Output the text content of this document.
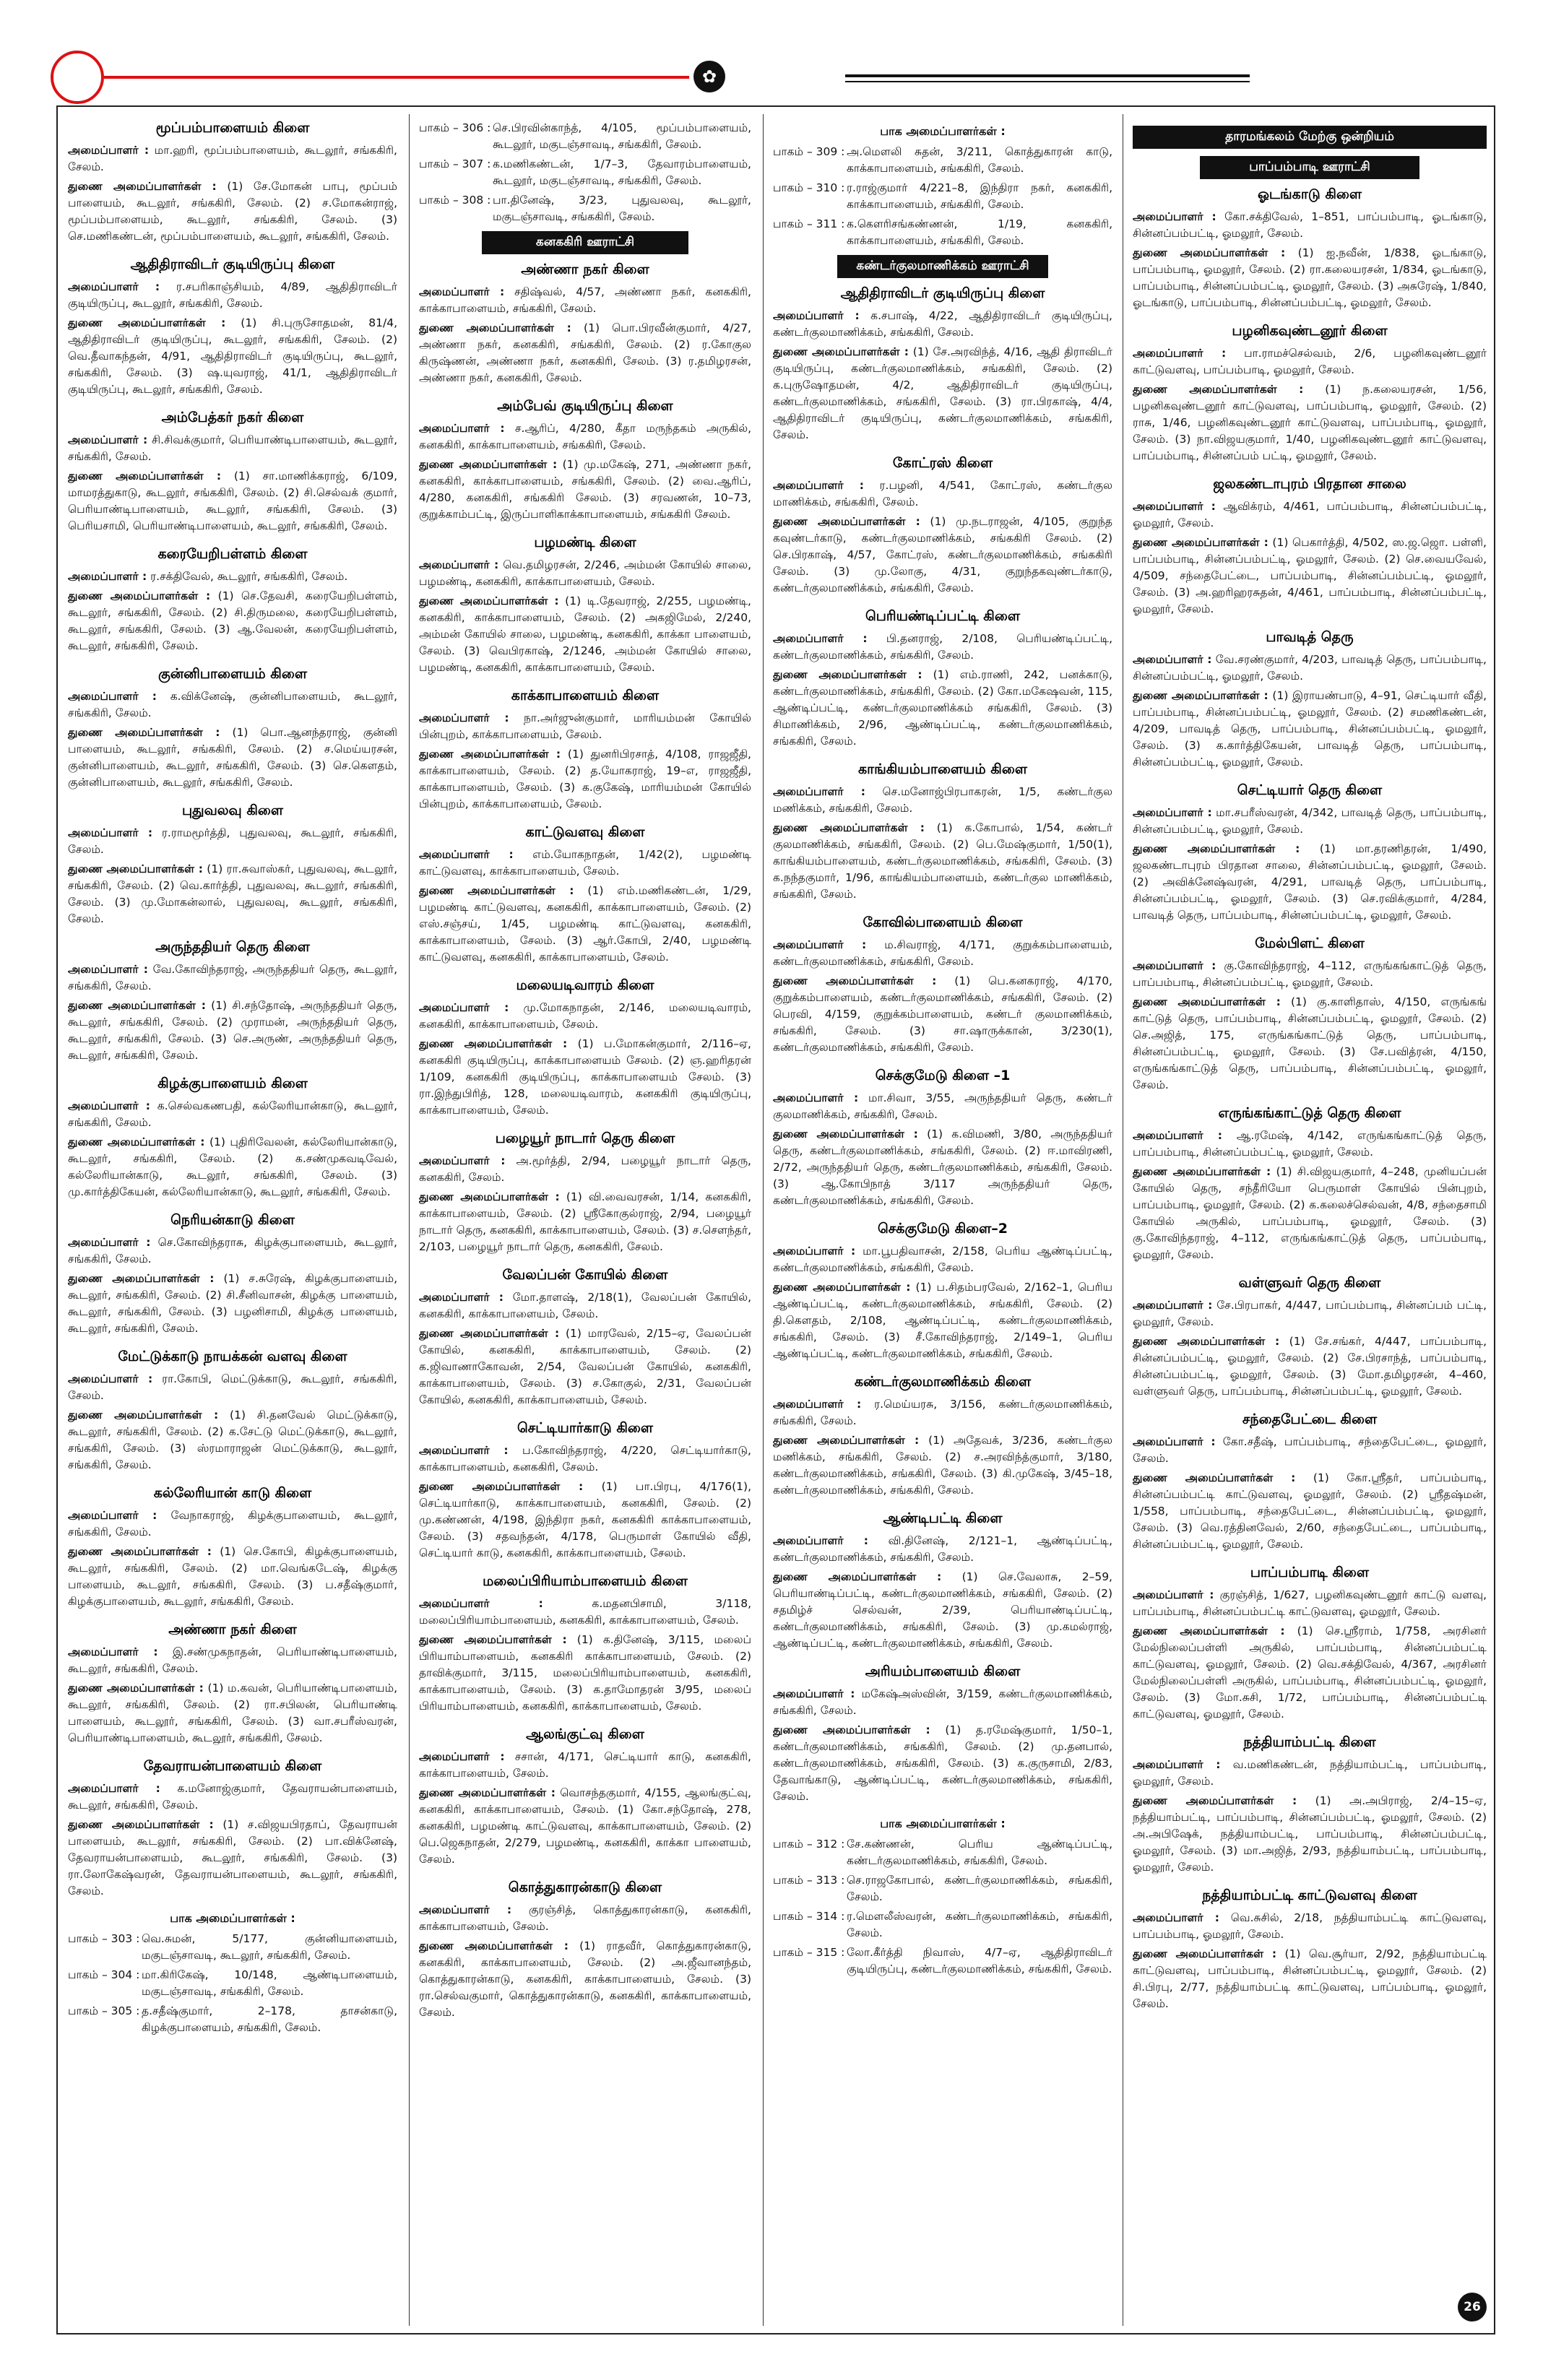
✿
மூப்பம்பாளையம் கிளை

அமைப்பாளர் : மா.ஹரி, மூப்பம்பாளையம், கூடலூர், சங்ககிரி, சேலம்.

துணை அமைப்பாளர்கள் : (1) சே.மோகன் பாபு, மூப்பம் பாளையம், கூடலூர், சங்ககிரி, சேலம். (2) ச.மோகன்ராஜ், மூப்பம்பாளையம், கூடலூர், சங்ககிரி, சேலம். (3) செ.மணிகண்டன், மூப்பம்பாளையம், கூடலூர், சங்ககிரி, சேலம்.

ஆதிதிராவிடர் குடியிருப்பு கிளை

அமைப்பாளர் : ர.சபரிகாஞ்சியம், 4/89, ஆதிதிராவிடர் குடியிருப்பு, கூடலூர், சங்ககிரி, சேலம்.

துணை அமைப்பாளர்கள் : (1) சி.புருசோதமன், 81/4, ஆதிதிராவிடர் குடியிருப்பு, கூடலூர், சங்ககிரி, சேலம். (2) வெ.தீவாகந்தன், 4/91, ஆதிதிராவிடர் குடியிருப்பு, கூடலூர், சங்ககிரி, சேலம். (3) ஷ.யுவராஜ், 41/1, ஆதிதிராவிடர் குடியிருப்பு, கூடலூர், சங்ககிரி, சேலம்.

அம்பேத்கர் நகர் கிளை

அமைப்பாளர் : சி.சிவக்குமார், பெரியாண்டிபாளையம், கூடலூர், சங்ககிரி, சேலம்.

துணை அமைப்பாளர்கள் : (1) சா.மாணிக்கராஜ், 6/109, மாமரத்துகாடு, கூடலூர், சங்ககிரி, சேலம். (2) சி.செல்வக் குமார், பெரியாண்டிபாளையம், கூடலூர், சங்ககிரி, சேலம். (3) பெரியசாமி, பெரியாண்டிபாளையம், கூடலூர், சங்ககிரி, சேலம்.

கரையேறிபள்ளம் கிளை

அமைப்பாளர் : ர.சக்திவேல், கூடலூர், சங்ககிரி, சேலம்.

துணை அமைப்பாளர்கள் : (1) செ.தேவசி, கரையேறிபள்ளம், கூடலூர், சங்ககிரி, சேலம். (2) சி.திருமலை, கரையேறிபள்ளம், கூடலூர், சங்ககிரி, சேலம். (3) ஆ.வேலன், கரையேறிபள்ளம், கூடலூர், சங்ககிரி, சேலம்.

குன்னிபாளையம் கிளை

அமைப்பாளர் : க.விக்னேஷ், குன்னிபாளையம், கூடலூர், சங்ககிரி, சேலம்.

துணை அமைப்பாளர்கள் : (1) பொ.ஆனந்தராஜ், குன்னி பாளையம், கூடலூர், சங்ககிரி, சேலம். (2) ச.மெய்யரசன், குன்னிபாளையம், கூடலூர், சங்ககிரி, சேலம். (3) செ.கௌதம், குன்னிபாளையம், கூடலூர், சங்ககிரி, சேலம்.

புதுவலவு கிளை

அமைப்பாளர் : ர.ராமமூர்த்தி, புதுவலவு, கூடலூர், சங்ககிரி, சேலம்.

துணை அமைப்பாளர்கள் : (1) ரா.சுவாஸ்கர், புதுவலவு, கூடலூர், சங்ககிரி, சேலம். (2) வெ.கார்த்தி, புதுவலவு, கூடலூர், சங்ககிரி, சேலம். (3) மு.மோகன்லால், புதுவலவு, கூடலூர், சங்ககிரி, சேலம்.

அருந்ததியர் தெரு கிளை

அமைப்பாளர் : வே.கோவிந்தராஜ், அருந்ததியர் தெரு, கூடலூர், சங்ககிரி, சேலம்.

துணை அமைப்பாளர்கள் : (1) சி.சந்தோஷ், அருந்ததியர் தெரு, கூடலூர், சங்ககிரி, சேலம். (2) முராமன், அருந்ததியர் தெரு, கூடலூர், சங்ககிரி, சேலம். (3) செ.அருண், அருந்ததியர் தெரு, கூடலூர், சங்ககிரி, சேலம்.

கிழக்குபாளையம் கிளை

அமைப்பாளர் : க.செல்வகணபதி, கல்லேரியான்காடு, கூடலூர், சங்ககிரி, சேலம்.

துணை அமைப்பாளர்கள் : (1) புதிரிவேலன், கல்லேரியான்காடு, கூடலூர், சங்ககிரி, சேலம். (2) க.சண்முகவடிவேல், கல்லேரியான்காடு, கூடலூர், சங்ககிரி, சேலம். (3) மு.கார்த்திகேயன், கல்லேரியான்காடு, கூடலூர், சங்ககிரி, சேலம்.

நெரியன்காடு கிளை

அமைப்பாளர் : செ.கோவிந்தராசு, கிழக்குபாளையம், கூடலூர், சங்ககிரி, சேலம்.

துணை அமைப்பாளர்கள் : (1) ச.சுரேஷ், கிழக்குபாளையம், கூடலூர், சங்ககிரி, சேலம். (2) சி.சீனிவாசன், கிழக்கு பாளையம், கூடலூர், சங்ககிரி, சேலம். (3) பழனிசாமி, கிழக்கு பாளையம், கூடலூர், சங்ககிரி, சேலம்.

மேட்டுக்காடு நாயக்கன் வளவு கிளை

அமைப்பாளர் : ரா.கோபி, மெட்டுக்காடு, கூடலூர், சங்ககிரி, சேலம்.

துணை அமைப்பாளர்கள் : (1) சி.தனவேல் மெட்டுக்காடு, கூடலூர், சங்ககிரி, சேலம். (2) க.சேட்டு மெட்டுக்காடு, கூடலூர், சங்ககிரி, சேலம். (3) ஸ்ரமாராஜன் மெட்டுக்காடு, கூடலூர், சங்ககிரி, சேலம்.

கல்லேரியான் காடு கிளை

அமைப்பாளர் : வேநாகராஜ், கிழக்குபாளையம், கூடலூர், சங்ககிரி, சேலம்.

துணை அமைப்பாளர்கள் : (1) செ.கோபி, கிழக்குபாளையம், கூடலூர், சங்ககிரி, சேலம். (2) மா.வெங்கடேஷ், கிழக்கு பாளையம், கூடலூர், சங்ககிரி, சேலம். (3) ப.சதீஷ்குமார், கிழக்குபாளையம், கூடலூர், சங்ககிரி, சேலம்.

அண்ணா நகர் கிளை

அமைப்பாளர் : இ.சண்முகநாதன், பெரியாண்டிபாளையம், கூடலூர், சங்ககிரி, சேலம்.

துணை அமைப்பாளர்கள் : (1) ம.கவன், பெரியாண்டிபாளையம், கூடலூர், சங்ககிரி, சேலம். (2) ரா.சபிலன், பெரியாண்டி பாளையம், கூடலூர், சங்ககிரி, சேலம். (3) வா.சபரீஸ்வரன், பெரியாண்டிபாளையம், கூடலூர், சங்ககிரி, சேலம்.

தேவராயன்பாளையம் கிளை

அமைப்பாளர் : க.மனோஜ்குமார், தேவராயன்பாளையம், கூடலூர், சங்ககிரி, சேலம்.

துணை அமைப்பாளர்கள் : (1) ச.விஜயபிரதாப், தேவராயன் பாளையம், கூடலூர், சங்ககிரி, சேலம். (2) பா.விக்னேஷ், தேவராயன்பாளையம், கூடலூர், சங்ககிரி, சேலம். (3) ரா.லோகேஷ்வரன், தேவராயன்பாளையம், கூடலூர், சங்ககிரி, சேலம்.

பாக அமைப்பாளர்கள் :
பாகம் – 303 : வெ.சுமன், 5/177, குன்னியாளையம், மகுடஞ்சாவடி, கூடலூர், சங்ககிரி, சேலம்.
பாகம் – 304 : மா.கிரிகேஷ், 10/148, ஆண்டிபாளையம், மகுடஞ்சாவடி, சங்ககிரி, சேலம்.
பாகம் – 305 : த.சதீஷ்குமார், 2–178, தாசன்காடு, கிழக்குபாளையம், சங்ககிரி, சேலம்.
பாகம் – 306 : செ.பிரவின்காந்த், 4/105, மூப்பம்பாளையம், கூடலூர், மகுடஞ்சாவடி, சங்ககிரி, சேலம்.
பாகம் – 307 : க.மணிகண்டன், 1/7–3, தேவாரம்பாளையம், கூடலூர், மகுடஞ்சாவடி, சங்ககிரி, சேலம்.
பாகம் – 308 : பா.தினேஷ், 3/23, புதுவலவு, கூடலூர், மகுடஞ்சாவடி, சங்ககிரி, சேலம்.
கனககிரி ஊராட்சி
அண்ணா நகர் கிளை

அமைப்பாளர் : சதிஷ்வல், 4/57, அண்ணா நகர், கனககிரி, காக்காபாளையம், சங்ககிரி, சேலம்.

துணை அமைப்பாளர்கள் : (1) பொ.பிரவீன்குமார், 4/27, அண்ணா நகர், கனககிரி, சங்ககிரி, சேலம். (2) ர.கோகுல கிருஷ்ணன், அண்ணா நகர், கனககிரி, சேலம். (3) ர.தமிழரசன், அண்ணா நகர், கனககிரி, சேலம்.

அம்பேவ் குடியிருப்பு கிளை

அமைப்பாளர் : ச.ஆரிப், 4/280, கீதா மருந்தகம் அருகில், கனககிரி, காக்காபாளையம், சங்ககிரி, சேலம்.

துணை அமைப்பாளர்கள் : (1) மு.மகேஷ், 271, அண்ணா நகர், கனககிரி, காக்காபாளையம், சங்ககிரி, சேலம். (2) வை.ஆரிப், 4/280, கனககிரி, சங்ககிரி சேலம். (3) சரவணன், 10–73, குறுக்காம்பட்டி, இருப்பாளிகாக்காபாளையம், சங்ககிரி சேலம்.

பழமண்டி கிளை

அமைப்பாளர் : வெ.தமிழரசன், 2/246, அம்மன் கோயில் சாலை, பழமண்டி, கனககிரி, காக்காபாளையம், சேலம்.

துணை அமைப்பாளர்கள் : (1) டி.தேவராஜ், 2/255, பழமண்டி, கனககிரி, காக்காபாளையம், சேலம். (2) அகஜிமேல், 2/240, அம்மன் கோயில் சாலை, பழமண்டி, கனககிரி, காக்கா பாளையம், சேலம். (3) வெபிரகாஷ், 2/1246, அம்மன் கோயில் சாலை, பழமண்டி, கனககிரி, காக்காபாளையம், சேலம்.

காக்காபாளையம் கிளை

அமைப்பாளர் : நா.அர்ஜுன்குமார், மாரியம்மன் கோயில் பின்புறம், காக்காபாளையம், சேலம்.

துணை அமைப்பாளர்கள் : (1) துனரிபிரசாத், 4/108, ராஜஜீதி, காக்காபாளையம், சேலம். (2) த.யோகராஜ், 19–எ, ராஜஜீதி, காக்காபாளையம், சேலம். (3) க.குகேஷ், மாரியம்மன் கோயில் பின்புறம், காக்காபாளையம், சேலம்.

காட்டுவளவு கிளை

அமைப்பாளர் : எம்.யோகநாதன், 1/42(2), பழமண்டி காட்டுவளவு, காக்காபாளையம், சேலம்.

துணை அமைப்பாளர்கள் : (1) எம்.மணிகண்டன், 1/29, பழமண்டி காட்டுவளவு, கனககிரி, காக்காபாளையம், சேலம். (2) எஸ்.சஞ்சய், 1/45, பழமண்டி காட்டுவளவு, கனககிரி, காக்காபாளையம், சேலம். (3) ஆர்.கோபி, 2/40, பழமண்டி காட்டுவளவு, கனககிரி, காக்காபாளையம், சேலம்.

மலையடிவாரம் கிளை

அமைப்பாளர் : மு.மோகநாதன், 2/146, மலையடிவாரம், கனககிரி, காக்காபாளையம், சேலம்.

துணை அமைப்பாளர்கள் : (1) ப.மோகன்குமார், 2/116–ஏ, கனககிரி குடியிருப்பு, காக்காபாளையம் சேலம். (2) ஞ.ஹரிதரன் 1/109, கனககிரி குடியிருப்பு, காக்காபாளையம் சேலம். (3) ரா.இந்துபிரித், 128, மலையடிவாரம், கனககிரி குடியிருப்பு, காக்காபாளையம், சேலம்.

பழையூர் நாடார் தெரு கிளை

அமைப்பாளர் : அ.மூர்த்தி, 2/94, பழையூர் நாடார் தெரு, கனககிரி, சேலம்.

துணை அமைப்பாளர்கள் : (1) வி.வைவரசன், 1/14, கனககிரி, காக்காபாளையம், சேலம். (2) ஸ்ரீகோகுல்ராஜ், 2/94, பழையூர் நாடார் தெரு, கனககிரி, காக்காபாளையம், சேலம். (3) ச.சௌந்தர், 2/103, பழையூர் நாடார் தெரு, கனககிரி, சேலம்.

வேலப்பன் கோயில் கிளை

அமைப்பாளர் : மோ.தாளஷ், 2/18(1), வேலப்பன் கோயில், கனககிரி, காக்காபாளையம், சேலம்.

துணை அமைப்பாளர்கள் : (1) மாரவேல், 2/15–ஏ, வேலப்பன் கோயில், கனககிரி, காக்காபாளையம், சேலம். (2) க.ஜிவாணாகோவன், 2/54, வேலப்பன் கோயில், கனககிரி, காக்காபாளையம், சேலம். (3) ச.கோகுல், 2/31, வேலப்பன் கோயில், கனககிரி, காக்காபாளையம், சேலம்.

செட்டியார்காடு கிளை

அமைப்பாளர் : ப.கோவிந்தராஜ், 4/220, செட்டியார்காடு, காக்காபாளையம், கனககிரி, சேலம்.

துணை அமைப்பாளர்கள் : (1) பா.பிரபு, 4/176(1), செட்டியார்காடு, காக்காபாளையம், கனககிரி, சேலம். (2) மு.கண்ணன், 4/198, இந்திரா நகர், கனககிரி காக்காபாளையம், சேலம். (3) சதவந்தன், 4/178, பெருமாள் கோயில் வீதி, செட்டியார் காடு, கனககிரி, காக்காபாளையம், சேலம்.

மலைப்பிரியாம்பாளையம் கிளை

அமைப்பாளர் :	க.மதனபிசாமி, 3/118, மலைப்பிரியாம்பாளையம், கனககிரி, காக்காபாளையம், சேலம்.

துணை அமைப்பாளர்கள் : (1) க.தினேஷ், 3/115, மலைப் பிரியாம்பாளையம், கனககிரி காக்காபாளையம், சேலம். (2) தாவிக்குமார், 3/115, மலைப்பிரியாம்பாளையம், கனககிரி, காக்காபாளையம், சேலம். (3) க.தாமோதரன் 3/95, மலைப் பிரியாம்பாளையம், கனககிரி, காக்காபாளையம், சேலம்.

ஆலங்குட்வு கிளை

அமைப்பாளர் : சசான், 4/171, செட்டியார் காடு, கனககிரி, காக்காபாளையம், சேலம்.

துணை அமைப்பாளர்கள் : வொசந்தகுமார், 4/155, ஆலங்குட்வு, கனககிரி, காக்காபாளையம், சேலம். (1) கோ.சந்தோஷ், 278, கனககிரி, பழமண்டி காட்டுவளவு, காக்காபாளையம், சேலம். (2) பெ.ஜெகநாதன், 2/279, பழமண்டி, கனககிரி, காக்கா பாளையம், சேலம்.

கொத்துகாரன்காடு கிளை

அமைப்பாளர் : குரஞ்சித், கொத்துகாரன்காடு, கனககிரி, காக்காபாளையம், சேலம்.

துணை அமைப்பாளர்கள் : (1) ராதவீர், கொத்துகாரன்காடு, கனககிரி, காக்காபாளையம், சேலம். (2) அ.ஜீவானந்தம், கொத்துகாரன்காடு, கனககிரி, காக்காபாளையம், சேலம். (3) ரா.செல்வகுமார், கொத்துகாரன்காடு, கனககிரி, காக்காபாளையம், சேலம்.

பாக அமைப்பாளர்கள் :
பாகம் – 309 : அ.மௌலி சுதன், 3/211, கொத்துகாரன் காடு, காக்காபாளையம், சங்ககிரி, சேலம்.
பாகம் – 310 : ர.ராஜ்குமார் 4/221–8, இந்திரா நகர், கனககிரி, காக்காபாளையம், சங்ககிரி, சேலம்.
பாகம் – 311 : க.கௌரிசங்கண்ணன், 1/19, கனககிரி, காக்காபாளையம், சங்ககிரி, சேலம்.
கண்டர்குலமாணிக்கம் ஊராட்சி
ஆதிதிராவிடர் குடியிருப்பு கிளை

அமைப்பாளர் : க.சபாஷ், 4/22, ஆதிதிராவிடர் குடியிருப்பு, கண்டர்குலமாணிக்கம், சங்ககிரி, சேலம்.

துணை அமைப்பாளர்கள் : (1) சே.அரவிந்த், 4/16, ஆதி திராவிடர் குடியிருப்பு, கண்டர்குலமாணிக்கம், சங்ககிரி, சேலம். (2) க.புருஷோதமன், 4/2, ஆதிதிராவிடர் குடியிருப்பு, கண்டர்குலமாணிக்கம், சங்ககிரி, சேலம். (3) ரா.பிரகாஷ், 4/4, ஆதிதிராவிடர் குடியிருப்பு, கண்டர்குலமாணிக்கம், சங்ககிரி, சேலம்.

கோட்ரஸ் கிளை

அமைப்பாளர் : ர.பழனி, 4/541, கோட்ரஸ், கண்டர்குல மாணிக்கம், சங்ககிரி, சேலம்.

துணை அமைப்பாளர்கள் : (1) மு.நடராஜன், 4/105, குறுந்த கவுண்டர்காடு, கண்டர்குலமாணிக்கம், சங்ககிரி சேலம். (2) செ.பிரகாஷ், 4/57, கோட்ரஸ், கண்டர்குலமாணிக்கம், சங்ககிரி சேலம். (3) மு.லோகு, 4/31, குறுந்தகவுண்டர்காடு, கண்டர்குலமாணிக்கம், சங்ககிரி, சேலம்.

பெரியண்டிப்பட்டி கிளை

அமைப்பாளர் : பி.தனராஜ், 2/108, பெரியண்டிப்பட்டி, கண்டர்குலமாணிக்கம், சங்ககிரி, சேலம்.

துணை அமைப்பாளர்கள் : (1) எம்.ராணி, 242, பனக்காடு, கண்டர்குலமாணிக்கம், சங்ககிரி, சேலம். (2) கோ.மகேஷவன், 115, ஆண்டிப்பட்டி, கண்டர்குலமாணிக்கம் சங்ககிரி, சேலம். (3) சிமாணிக்கம், 2/96, ஆண்டிப்பட்டி, கண்டர்குலமாணிக்கம், சங்ககிரி, சேலம்.

காங்கியம்பாளையம் கிளை

அமைப்பாளர் : செ.மனோஜ்பிரபாகரன், 1/5, கண்டர்குல மணிக்கம், சங்ககிரி, சேலம்.

துணை அமைப்பாளர்கள் : (1) க.கோபால், 1/54, கண்டர் குலமாணிக்கம், சங்ககிரி, சேலம். (2) பெ.மேஷ்குமார், 1/50(1), காங்கியம்பாளையம், கண்டர்குலமாணிக்கம், சங்ககிரி, சேலம். (3) க.நந்தகுமார், 1/96, காங்கியம்பாளையம், கண்டர்குல மாணிக்கம், சங்ககிரி, சேலம்.

கோவில்பாளையம் கிளை

அமைப்பாளர் : ம.சிவராஜ், 4/171, குறுக்கம்பாளையம், கண்டர்குலமாணிக்கம், சங்ககிரி, சேலம்.

துணை அமைப்பாளர்கள் : (1) பெ.கனகராஜ், 4/170, குறுக்கம்பாளையம், கண்டர்குலமாணிக்கம், சங்ககிரி, சேலம். (2) பெரவி, 4/159, குறுக்கம்பாளையம், கண்டர் குலமாணிக்கம், சங்ககிரி, சேலம். (3) சா.ஷாருக்கான், 3/230(1), கண்டர்குலமாணிக்கம், சங்ககிரி, சேலம்.

செக்குமேடு கிளை –1

அமைப்பாளர் : மா.சிவா, 3/55, அருந்ததியர் தெரு, கண்டர் குலமாணிக்கம், சங்ககிரி, சேலம்.

துணை அமைப்பாளர்கள் : (1) க.விமணி, 3/80, அருந்ததியர் தெரு, கண்டர்குலமாணிக்கம், சங்ககிரி, சேலம். (2) ஈ.மாவிரணி, 2/72, அருந்ததியர் தெரு, கண்டர்குலமாணிக்கம், சங்ககிரி, சேலம். (3) ஆ.கோபிநாத் 3/117 அருந்ததியர் தெரு, கண்டர்குலமாணிக்கம், சங்ககிரி, சேலம்.

செக்குமேடு கிளை–2

அமைப்பாளர் : மா.பூபதிவாசன், 2/158, பெரிய ஆண்டிப்பட்டி, கண்டர்குலமாணிக்கம், சங்ககிரி, சேலம்.

துணை அமைப்பாளர்கள் : (1) ப.சிதம்பரவேல், 2/162–1, பெரிய ஆண்டிப்பட்டி, கண்டர்குலமாணிக்கம், சங்ககிரி, சேலம். (2) தி.கௌதம், 2/108, ஆண்டிப்பட்டி, கண்டர்குலமாணிக்கம், சங்ககிரி, சேலம். (3) சீ.கோவிந்தராஜ், 2/149–1, பெரிய ஆண்டிப்பட்டி, கண்டர்குலமாணிக்கம், சங்ககிரி, சேலம்.

கண்டர்குலமாணிக்கம் கிளை

அமைப்பாளர் : ர.மெய்யரசு, 3/156, கண்டர்குலமாணிக்கம், சங்ககிரி, சேலம்.

துணை அமைப்பாளர்கள் : (1) அதேவக், 3/236, கண்டர்குல மணிக்கம், சங்ககிரி, சேலம். (2) ச.அரவிந்த்குமார், 3/180, கண்டர்குலமாணிக்கம், சங்ககிரி, சேலம். (3) கி.முகேஷ், 3/45–18, கண்டர்குலமாணிக்கம், சங்ககிரி, சேலம்.

ஆண்டிபட்டி கிளை

அமைப்பாளர் : வி.தினேஷ், 2/121–1, ஆண்டிப்பட்டி, கண்டர்குலமாணிக்கம், சங்ககிரி, சேலம்.

துணை அமைப்பாளர்கள் : (1) செ.வேலாசு, 2–59, பெரியாண்டிப்பட்டி, கண்டர்குலமாணிக்கம், சங்ககிரி, சேலம். (2) சதமிழ்ச் செல்வன், 2/39, பெரியாண்டிப்பட்டி, கண்டர்குலமாணிக்கம், சங்ககிரி, சேலம். (3) மு.கமல்ராஜ், ஆண்டிப்பட்டி, கண்டர்குலமாணிக்கம், சங்ககிரி, சேலம்.

அரியம்பாளையம் கிளை

அமைப்பாளர் : மகேஷ்அஸ்வின், 3/159, கண்டர்குலமாணிக்கம், சங்ககிரி, சேலம்.

துணை அமைப்பாளர்கள் : (1) த.ரமேஷ்குமார், 1/50–1, கண்டர்குலமாணிக்கம், சங்ககிரி, சேலம். (2) மு.தனபால், கண்டர்குலமாணிக்கம், சங்ககிரி, சேலம். (3) க.குருசாமி, 2/83, தேவாங்காடு, ஆண்டிப்பட்டி, கண்டர்குலமாணிக்கம், சங்ககிரி, சேலம்.

பாக அமைப்பாளர்கள் :
பாகம் – 312 : சே.கண்ணன், பெரிய ஆண்டிப்பட்டி, கண்டர்குலமாணிக்கம், சங்ககிரி, சேலம்.
பாகம் – 313 : செ.ராஜகோபால், கண்டர்குலமாணிக்கம், சங்ககிரி, சேலம்.
பாகம் – 314 : ர.மௌலீஸ்வரன், கண்டர்குலமாணிக்கம், சங்ககிரி, சேலம்.
பாகம் – 315 : லோ.கீர்த்தி நிவாஸ், 4/7–ஏ, ஆதிதிராவிடர் குடியிருப்பு, கண்டர்குலமாணிக்கம், சங்ககிரி, சேலம்.
தாரமங்கலம் மேற்கு ஒன்றியம்
பாப்பம்பாடி ஊராட்சி
ஓடங்காடு கிளை

அமைப்பாளர் : கோ.சக்திவேல், 1–851, பாப்பம்பாடி, ஓடங்காடு, சின்னப்பம்பட்டி, ஓமலூர், சேலம்.

துணை அமைப்பாளர்கள் : (1) ஐ.நவீன், 1/838, ஓடங்காடு, பாப்பம்பாடி, ஓமலூர், சேலம். (2) ரா.கலையரசன், 1/834, ஓடங்காடு, பாப்பம்பாடி, சின்னப்பம்பட்டி, ஓமலூர், சேலம். (3) அசுரேஷ், 1/840, ஓடங்காடு, பாப்பம்பாடி, சின்னப்பம்பட்டி, ஓமலூர், சேலம்.

பழனிகவுண்டனூர் கிளை

அமைப்பாளர் : பா.ராமச்செல்வம், 2/6, பழனிகவுண்டனூர் காட்டுவளவு, பாப்பம்பாடி, ஓமலூர், சேலம்.

துணை அமைப்பாளர்கள் : (1) ந.கலையரசன், 1/56, பழனிகவுண்டனூர் காட்டுவளவு, பாப்பம்பாடி, ஓமலூர், சேலம். (2) ராசு, 1/46, பழனிகவுண்டனூர் காட்டுவளவு, பாப்பம்பாடி, ஓமலூர், சேலம். (3) நா.விஜயகுமார், 1/40, பழனிகவுண்டனூர் காட்டுவளவு, பாப்பம்பாடி, சின்னப்பம் பட்டி, ஓமலூர், சேலம்.

ஜலகண்டாபுரம் பிரதான சாலை

அமைப்பாளர் : ஆவிக்ரம், 4/461, பாப்பம்பாடி, சின்னப்பம்பட்டி, ஓமலூர், சேலம்.

துணை அமைப்பாளர்கள் : (1) பெகார்த்தி, 4/502, ஸ.ஜ.ஜொ. பள்ளி, பாப்பம்பாடி, சின்னப்பம்பட்டி, ஓமலூர், சேலம். (2) செ.வையவேல், 4/509, சந்தைபேட்டை, பாப்பம்பாடி, சின்னப்பம்பட்டி, ஓமலூர், சேலம். (3) அ.ஹரிஹரசுதன், 4/461, பாப்பம்பாடி, சின்னப்பம்பட்டி, ஓமலூர், சேலம்.

பாவடித் தெரு

அமைப்பாளர் : வே.சரண்குமார், 4/203, பாவடித் தெரு, பாப்பம்பாடி, சின்னப்பம்பட்டி, ஓமலூர், சேலம்.

துணை அமைப்பாளர்கள் : (1) இராயண்பாடு, 4–91, செட்டியார் வீதி, பாப்பம்பாடி, சின்னப்பம்பட்டி, ஓமலூர், சேலம். (2) சமணிகண்டன், 4/209, பாவடித் தெரு, பாப்பம்பாடி, சின்னப்பம்பட்டி, ஓமலூர், சேலம். (3) க.கார்த்திகேயன், பாவடித் தெரு, பாப்பம்பாடி, சின்னப்பம்பட்டி, ஓமலூர், சேலம்.

செட்டியார் தெரு கிளை

அமைப்பாளர் : மா.சபரீஸ்வரன், 4/342, பாவடித் தெரு, பாப்பம்பாடி, சின்னப்பம்பட்டி, ஓமலூர், சேலம்.

துணை அமைப்பாளர்கள் : (1) மா.தரணிதரன், 1/490, ஜலகண்டாபுரம் பிரதான சாலை, சின்னப்பம்பட்டி, ஓமலூர், சேலம். (2) அவிக்னேஷ்வரன், 4/291, பாவடித் தெரு, பாப்பம்பாடி, சின்னப்பம்பட்டி, ஓமலூர், சேலம். (3) செ.ரவிக்குமார், 4/284, பாவடித் தெரு, பாப்பம்பாடி, சின்னப்பம்பட்டி, ஓமலூர், சேலம்.

மேல்பிளட் கிளை

அமைப்பாளர் : கு.கோவிந்தராஜ், 4–112, எருங்கங்காட்டுத் தெரு, பாப்பம்பாடி, சின்னப்பம்பட்டி, ஓமலூர், சேலம்.

துணை அமைப்பாளர்கள் : (1) கு.காளிதாஸ், 4/150, எருங்கங் காட்டுத் தெரு, பாப்பம்பாடி, சின்னப்பம்பட்டி, ஓமலூர், சேலம். (2) செ.அஜித், 175, எருங்கங்காட்டுத் தெரு, பாப்பம்பாடி, சின்னப்பம்பட்டி, ஓமலூர், சேலம். (3) சே.பவித்ரன், 4/150, எருங்கங்காட்டுத் தெரு, பாப்பம்பாடி, சின்னப்பம்பட்டி, ஓமலூர், சேலம்.

எருங்கங்காட்டுத் தெரு கிளை

அமைப்பாளர் : ஆ.ரமேஷ், 4/142, எருங்கங்காட்டுத் தெரு, பாப்பம்பாடி, சின்னப்பம்பட்டி, ஓமலூர், சேலம்.

துணை அமைப்பாளர்கள் : (1) சி.விஜயகுமார், 4–248, முனியப்பன் கோயில் தெரு, சந்தீரியோ பெருமாள் கோயில் பின்புறம், பாப்பம்பாடி, ஓமலூர், சேலம். (2) க.கலைச்செல்வன், 4/8, சந்தைசாமி கோயில் அருகில், பாப்பம்பாடி, ஓமலூர், சேலம். (3) கு.கோவிந்தராஜ், 4–112, எருங்கங்காட்டுத் தெரு, பாப்பம்பாடி, ஓமலூர், சேலம்.

வள்ளுவர் தெரு கிளை

அமைப்பாளர் : சே.பிரபாகர், 4/447, பாப்பம்பாடி, சின்னப்பம் பட்டி, ஓமலூர், சேலம்.

துணை அமைப்பாளர்கள் : (1) சே.சங்கர், 4/447, பாப்பம்பாடி, சின்னப்பம்பட்டி, ஓமலூர், சேலம். (2) சே.பிரசாந்த், பாப்பம்பாடி, சின்னப்பம்பட்டி, ஓமலூர், சேலம். (3) மோ.தமிழரசன், 4–460, வள்ளுவர் தெரு, பாப்பம்பாடி, சின்னப்பம்பட்டி, ஓமலூர், சேலம்.

சந்தைபேட்டை கிளை

அமைப்பாளர் : கோ.சதீஷ், பாப்பம்பாடி, சந்தைபேட்டை, ஓமலூர், சேலம்.

துணை அமைப்பாளர்கள் : (1) கோ.ஸ்ரீதர், பாப்பம்பாடி, சின்னப்பம்பட்டி காட்டுவளவு, ஓமலூர், சேலம். (2) ஸ்ரீதஷ்மன், 1/558, பாப்பம்பாடி, சந்தைபேட்டை, சின்னப்பம்பட்டி, ஓமலூர், சேலம். (3) வெ.ரத்தினவேல், 2/60, சந்தைபேட்டை, பாப்பம்பாடி, சின்னப்பம்பட்டி, ஓமலூர், சேலம்.

பாப்பம்பாடி கிளை

அமைப்பாளர் : குரஞ்சித், 1/627, பழனிகவுண்டனூர் காட்டு வளவு, பாப்பம்பாடி, சின்னப்பம்பட்டி காட்டுவளவு, ஓமலூர், சேலம்.

துணை அமைப்பாளர்கள் : (1) செ.ஸ்ரீராம், 1/758, அரசினர் மேல்நிலைப்பள்ளி அருகில், பாப்பம்பாடி, சின்னப்பம்பட்டி காட்டுவளவு, ஓமலூர், சேலம். (2) வெ.சக்திவேல், 4/367, அரசினர் மேல்நிலைப்பள்ளி அருகில், பாப்பம்பாடி, சின்னப்பம்பட்டி, ஓமலூர், சேலம். (3) மோ.சுசி, 1/72, பாப்பம்பாடி, சின்னப்பம்பட்டி காட்டுவளவு, ஓமலூர், சேலம்.

நத்தியாம்பட்டி கிளை

அமைப்பாளர் : வ.மணிகண்டன், நத்தியாம்பட்டி, பாப்பம்பாடி, ஓமலூர், சேலம்.

துணை அமைப்பாளர்கள் : (1) அ.அபிராஜ், 2/4–15–ஏ, நத்தியாம்பட்டி, பாப்பம்பாடி, சின்னப்பம்பட்டி, ஓமலூர், சேலம். (2) அ.அபிஷேக், நத்தியாம்பட்டி, பாப்பம்பாடி, சின்னப்பம்பட்டி, ஓமலூர், சேலம். (3) மா.அஜித், 2/93, நத்தியாம்பட்டி, பாப்பம்பாடி, ஓமலூர், சேலம்.

நத்தியாம்பட்டி காட்டுவளவு கிளை

அமைப்பாளர் : வெ.சுசில், 2/18, நத்தியாம்பட்டி காட்டுவளவு, பாப்பம்பாடி, ஓமலூர், சேலம்.

துணை அமைப்பாளர்கள் : (1) வெ.சூர்யா, 2/92, நத்தியாம்பட்டி காட்டுவளவு, பாப்பம்பாடி, சின்னப்பம்பட்டி, ஓமலூர், சேலம். (2) சி.பிரபு, 2/77, நத்தியாம்பட்டி காட்டுவளவு, பாப்பம்பாடி, ஓமலூர், சேலம்.

26
